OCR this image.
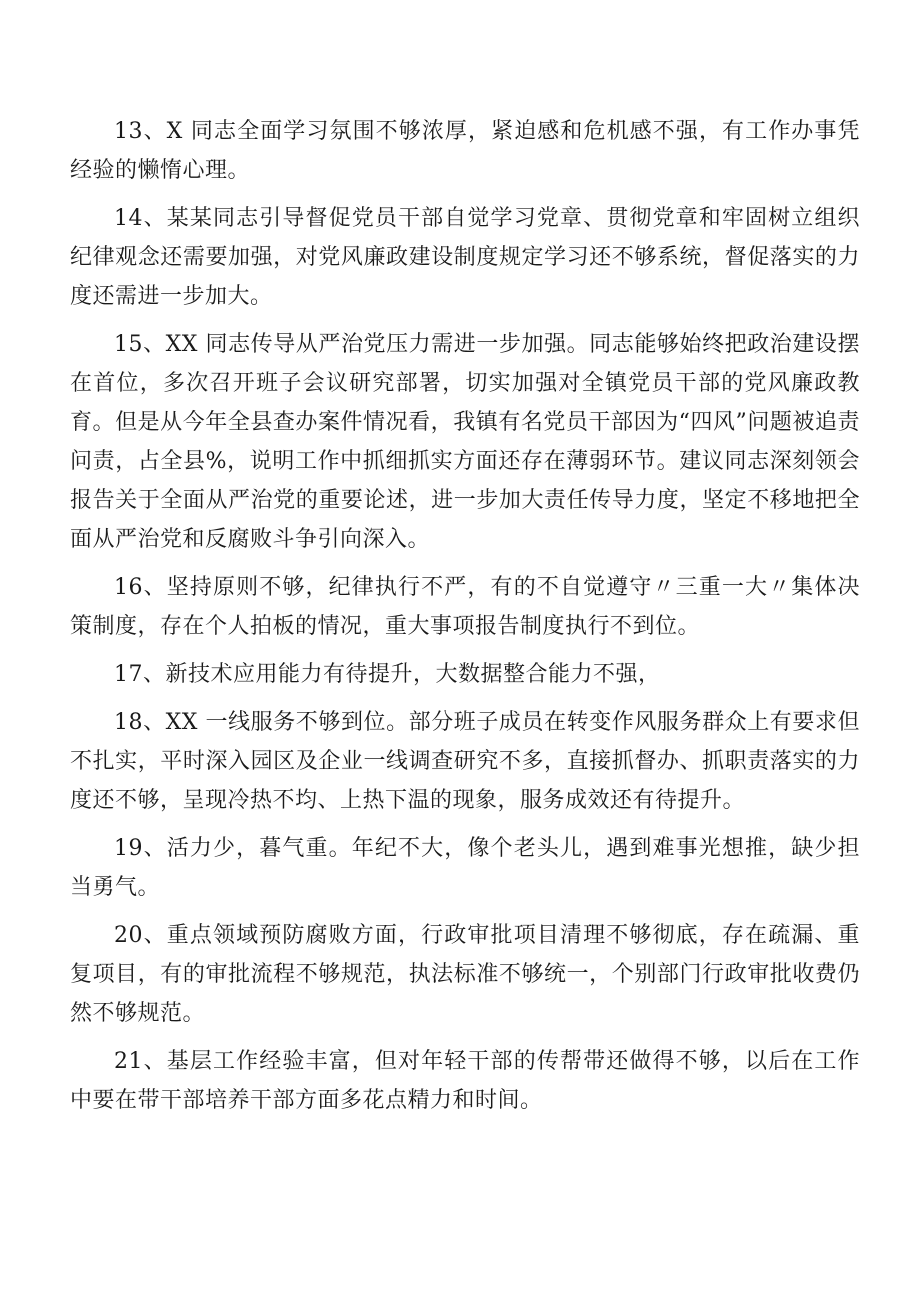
13、X 同志全面学习氛围不够浓厚，紧迫感和危机感不强，有工作办事凭经验的懒惰心理。

14、某某同志引导督促党员干部自觉学习党章、贯彻党章和牢固树立组织纪律观念还需要加强，对党风廉政建设制度规定学习还不够系统，督促落实的力度还需进一步加大。

15、XX 同志传导从严治党压力需进一步加强。同志能够始终把政治建设摆在首位，多次召开班子会议研究部署，切实加强对全镇党员干部的党风廉政教育。但是从今年全县查办案件情况看，我镇有名党员干部因为“四风”问题被追责问责，占全县%，说明工作中抓细抓实方面还存在薄弱环节。建议同志深刻领会报告关于全面从严治党的重要论述，进一步加大责任传导力度，坚定不移地把全面从严治党和反腐败斗争引向深入。

16、坚持原则不够，纪律执行不严，有的不自觉遵守〃三重一大〃集体决策制度，存在个人拍板的情况，重大事项报告制度执行不到位。

17、新技术应用能力有待提升，大数据整合能力不强，

18、XX 一线服务不够到位。部分班子成员在转变作风服务群众上有要求但不扎实，平时深入园区及企业一线调查研究不多，直接抓督办、抓职责落实的力度还不够，呈现冷热不均、上热下温的现象，服务成效还有待提升。

19、活力少，暮气重。年纪不大，像个老头儿，遇到难事光想推，缺少担当勇气。

20、重点领域预防腐败方面，行政审批项目清理不够彻底，存在疏漏、重复项目，有的审批流程不够规范，执法标准不够统一，个别部门行政审批收费仍然不够规范。

21、基层工作经验丰富，但对年轻干部的传帮带还做得不够，以后在工作中要在带干部培养干部方面多花点精力和时间。
